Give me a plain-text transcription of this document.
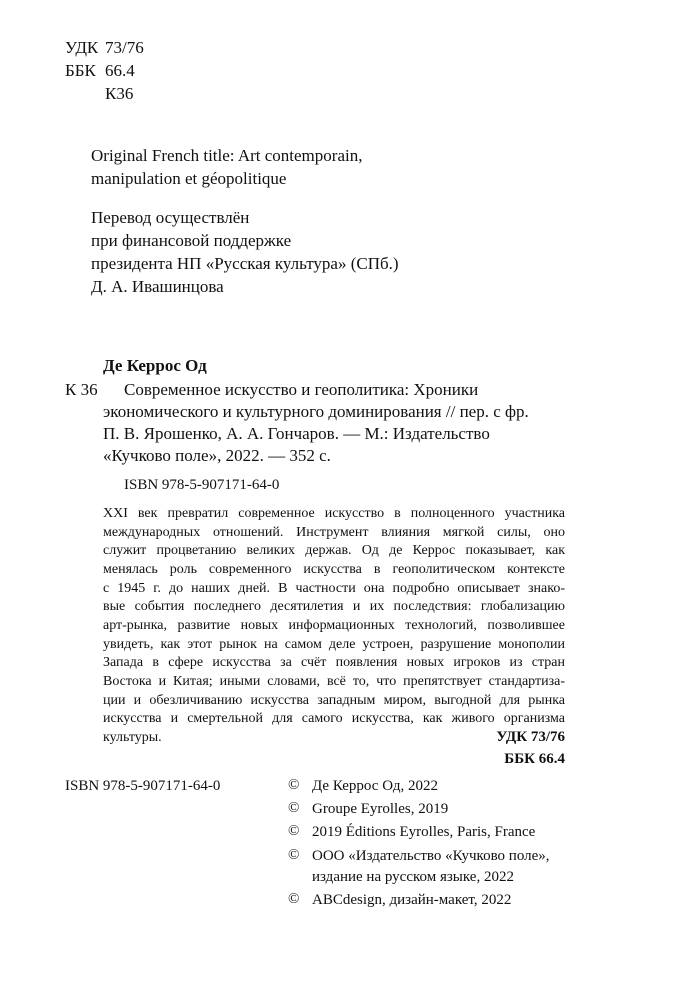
УДК 73/76
ББК 66.4
К36
Original French title: Art contemporain,
manipulation et géopolitique
Перевод осуществлён
при финансовой поддержке
президента НП «Русская культура» (СПб.)
Д. А. Ивашинцова
Де Керрос Од
К 36 Современное искусство и геополитика: Хроники
экономического и культурного доминирования // пер. с фр.
П. В. Ярошенко, А. А. Гончаров. — М.: Издательство
«Кучково поле», 2022. — 352 с.
ISBN 978-5-907171-64-0
XXI век превратил современное искусство в полноценного участника
международных отношений. Инструмент влияния мягкой силы, оно
служит процветанию великих держав. Од де Керрос показывает, как
менялась роль современного искусства в геополитическом контексте
с 1945 г. до наших дней. В частности она подробно описывает знако-
вые события последнего десятилетия и их последствия: глобализацию
арт-рынка, развитие новых информационных технологий, позволившее
увидеть, как этот рынок на самом деле устроен, разрушение монополии
Запада в сфере искусства за счёт появления новых игроков из стран
Востока и Китая; иными словами, всё то, что препятствует стандартиза-
ции и обезличиванию искусства западным миром, выгодной для рынка
искусства и смертельной для самого искусства, как живого организма
культуры.	УДК 73/76
ББК 66.4
ISBN 978-5-907171-64-0	© Де Керрос Од, 2022
© Groupe Eyrolles, 2019
© 2019 Éditions Eyrolles, Paris, France
© ООО «Издательство «Кучково поле»,
издание на русском языке, 2022
© ABCdesign, дизайн-макет, 2022
